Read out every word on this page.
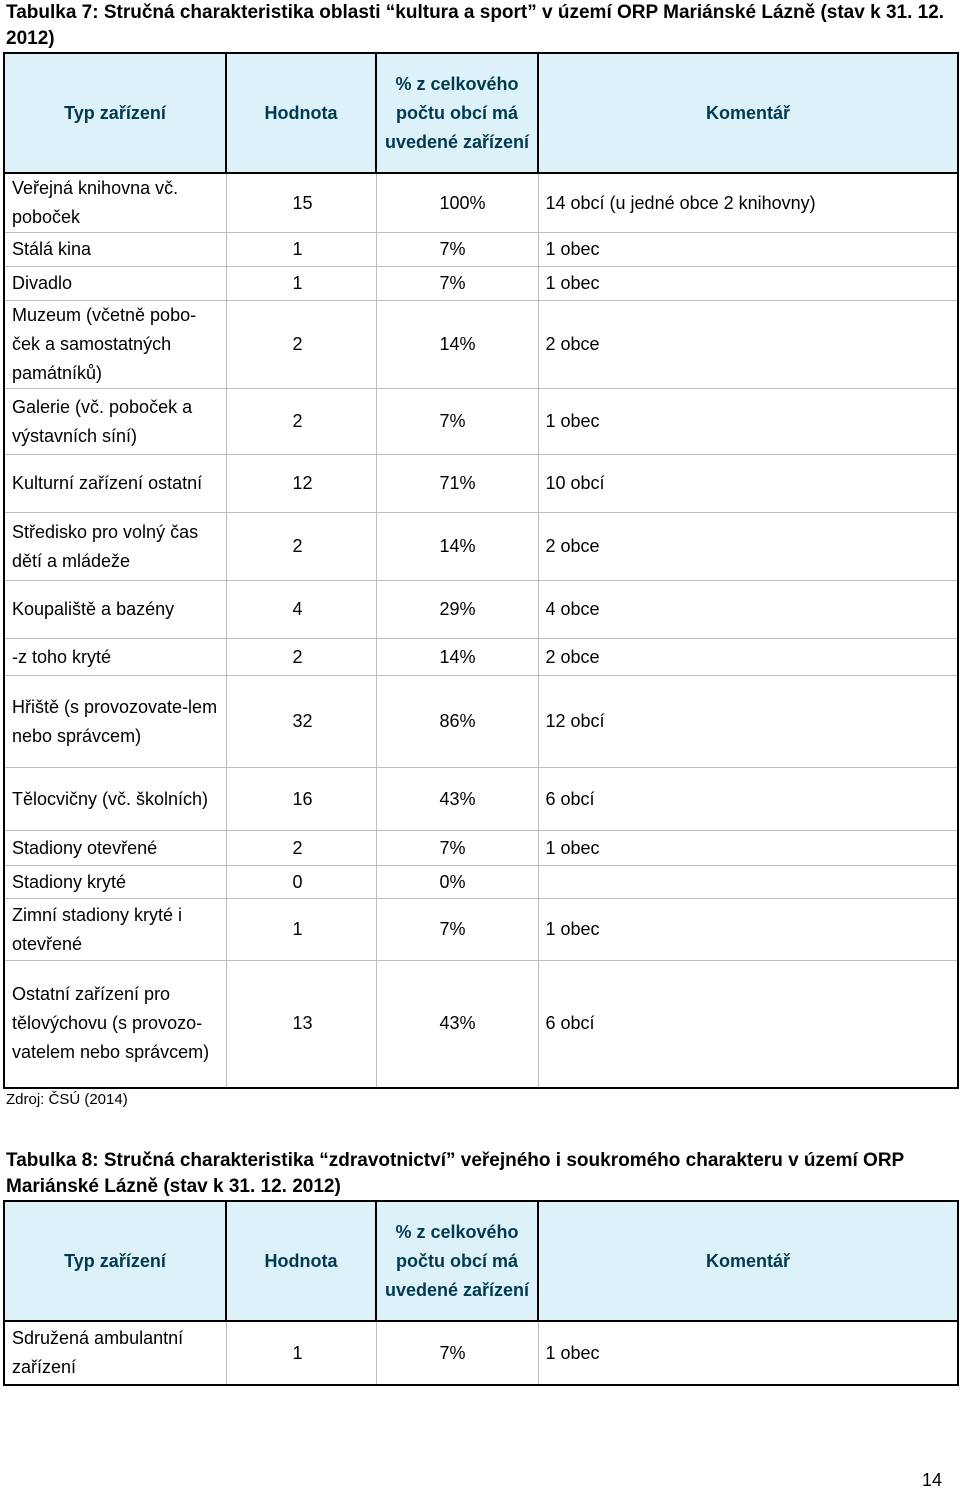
Tabulka 7: Stručná charakteristika oblasti “kultura a sport” v území ORP Mariánské Lázně (stav k 31. 12. 2012)
Typ zařízení	Hodnota	% z celkového počtu obcí má uvedené zařízení	Komentář
Veřejná knihovna vč. poboček	15	100%	14 obcí (u jedné obce 2 knihovny)
Stálá kina	1	7%	1 obec
Divadlo	1	7%	1 obec
Muzeum (včetně pobo-ček a samostatných památníků)	2	14%	2 obce
Galerie (vč. poboček a výstavních síní)	2	7%	1 obec
Kulturní zařízení ostatní	12	71%	10 obcí
Středisko pro volný čas dětí a mládeže	2	14%	2 obce
Koupaliště a bazény	4	29%	4 obce
-z toho kryté	2	14%	2 obce
Hřiště (s provozovate-lem nebo správcem)	32	86%	12 obcí
Tělocvičny (vč. školních)	16	43%	6 obcí
Stadiony otevřené	2	7%	1 obec
Stadiony kryté	0	0%	
Zimní stadiony kryté i otevřené	1	7%	1 obec
Ostatní zařízení pro tělovýchovu (s provozo-vatelem nebo správcem)	13	43%	6 obcí
Zdroj: ČSÚ (2014)
Tabulka 8: Stručná charakteristika “zdravotnictví” veřejného i soukromého charakteru v území ORP Mariánské Lázně (stav k 31. 12. 2012)
Typ zařízení	Hodnota	% z celkového počtu obcí má uvedené zařízení	Komentář
Sdružená ambulantní zařízení	1	7%	1 obec
14
